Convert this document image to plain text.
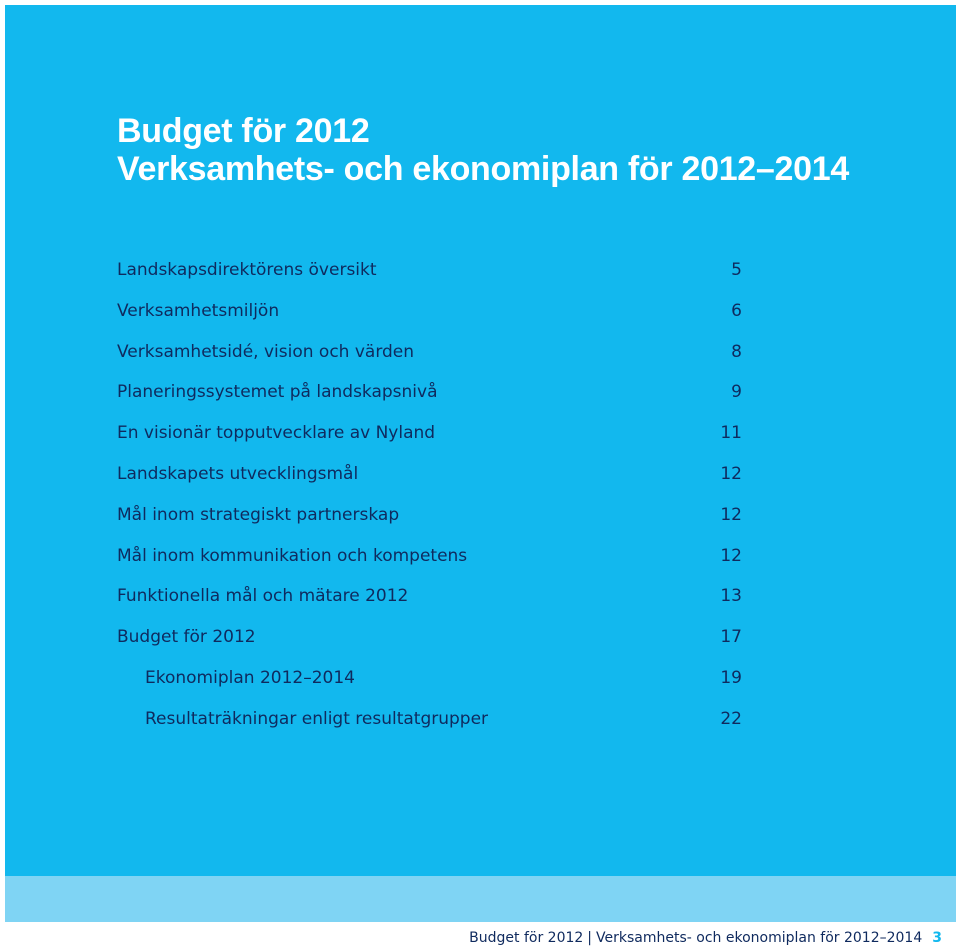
Budget för 2012
Verksamhets- och ekonomiplan för 2012–2014
Landskapsdirektörens översikt	5
Verksamhetsmiljön	6
Verksamhetsidé, vision och värden	8
Planeringssystemet på landskapsnivå	9
En visionär topputvecklare av Nyland	11
Landskapets utvecklingsmål	12
Mål inom strategiskt partnerskap	12
Mål inom kommunikation och kompetens	12
Funktionella mål och mätare 2012	13
Budget för 2012	17
Ekonomiplan 2012–2014	19
Resultaträkningar enligt resultatgrupper	22
Budget för 2012 | Verksamhets- och ekonomiplan för 2012–2014 3
